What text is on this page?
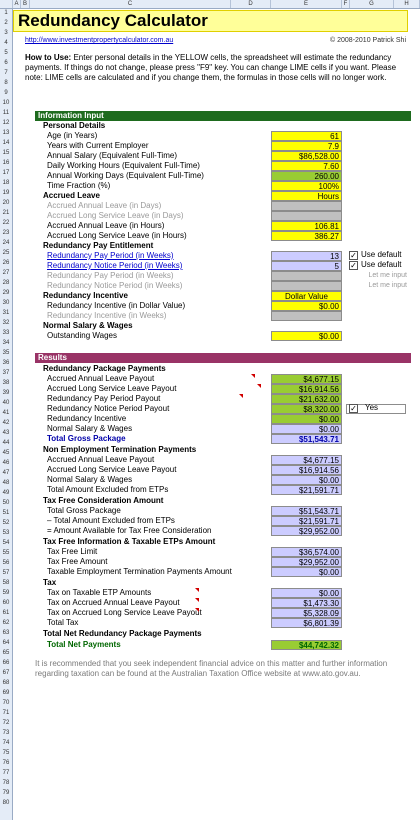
A B	C	D	E	F	G	H
1
2
3
4
5
6
7
8
9
10
11
12
13
14
15
16
17
18
19
20
21
22
23
24
25
26
27
28
29
30
31
32
33
34
35
36
37
38
39
40
41
42
43
44
45
46
47
48
49
50
51
52
53
54
55
56
57
58
59
60
61
62
63
64
65
66
67
68
69
70
71
72
73
74
75
76
77
78
79
80
Redundancy Calculator
http://www.investmentpropertycalculator.com.au	© 2008-2010 Patrick Shi
How to Use: Enter personal details in the YELLOW cells, the spreadsheet will estimate the redundancy payments. If things do not change, please press "F9" key. You can change LIME cells if you want. Please note: LIME cells are calculated and if you change them, the formulas in those cells will no longer work.
Information Input
Personal Details
Age (in Years)	61
Years with Current Employer	7.9
Annual Salary (Equivalent Full-Time)	$86,528.00
Daily Working Hours (Equivalent Full-Time)	7.60
Annual Working Days (Equivalent Full-Time)	260.00
Time Fraction (%)	100%
Accrued Leave	Hours
Accrued Annual Leave (in Days)
Accrued Long Service Leave (in Days)
Accrued Annual Leave (in Hours)	106.81
Accrued Long Service Leave (in Hours)	386.27
Redundancy Pay Entitlement
Redundancy Pay Period (in Weeks)	13	✓ Use default
Redundancy Notice Period (in Weeks)	5	✓ Use default
Redundancy Pay Period (in Weeks)	Let me input
Redundancy Notice Period (in Weeks)	Let me input
Redundancy Incentive	Dollar Value
Redundancy Incentive (in Dollar Value)	$0.00
Redundancy Incentive (in Weeks)
Normal Salary & Wages
Outstanding Wages	$0.00
Results
Redundancy Package Payments
Accrued Annual Leave Payout	$4,677.15
Accrued Long Service Leave Payout	$16,914.56
Redundancy Pay Period Payout	$21,632.00
Redundancy Notice Period Payout	$8,320.00	✓ Yes
Redundancy Incentive	$0.00
Normal Salary & Wages	$0.00
Total Gross Package	$51,543.71
Non Employment Termination Payments
Accrued Annual Leave Payout	$4,677.15
Accrued Long Service Leave Payout	$16,914.56
Normal Salary & Wages	$0.00
Total Amount Excluded from ETPs	$21,591.71
Tax Free Consideration Amount
Total Gross Package	$51,543.71
– Total Amount Excluded from ETPs	$21,591.71
= Amount Available for Tax Free Consideration	$29,952.00
Tax Free Information & Taxable ETPs Amount
Tax Free Limit	$36,574.00
Tax Free Amount	$29,952.00
Taxable Employment Termination Payments Amount	$0.00
Tax
Tax on Taxable ETP Amounts	$0.00
Tax on Accrued Annual Leave Payout	$1,473.30
Tax on Accrued Long Service Leave Payout	$5,328.09
Total Tax	$6,801.39
Total Net Redundancy Package Payments
Total Net Payments	$44,742.32
It is recommended that you seek independent financial advice on this matter and further information regarding taxation can be found at the Australian Taxation Office website at www.ato.gov.au.
